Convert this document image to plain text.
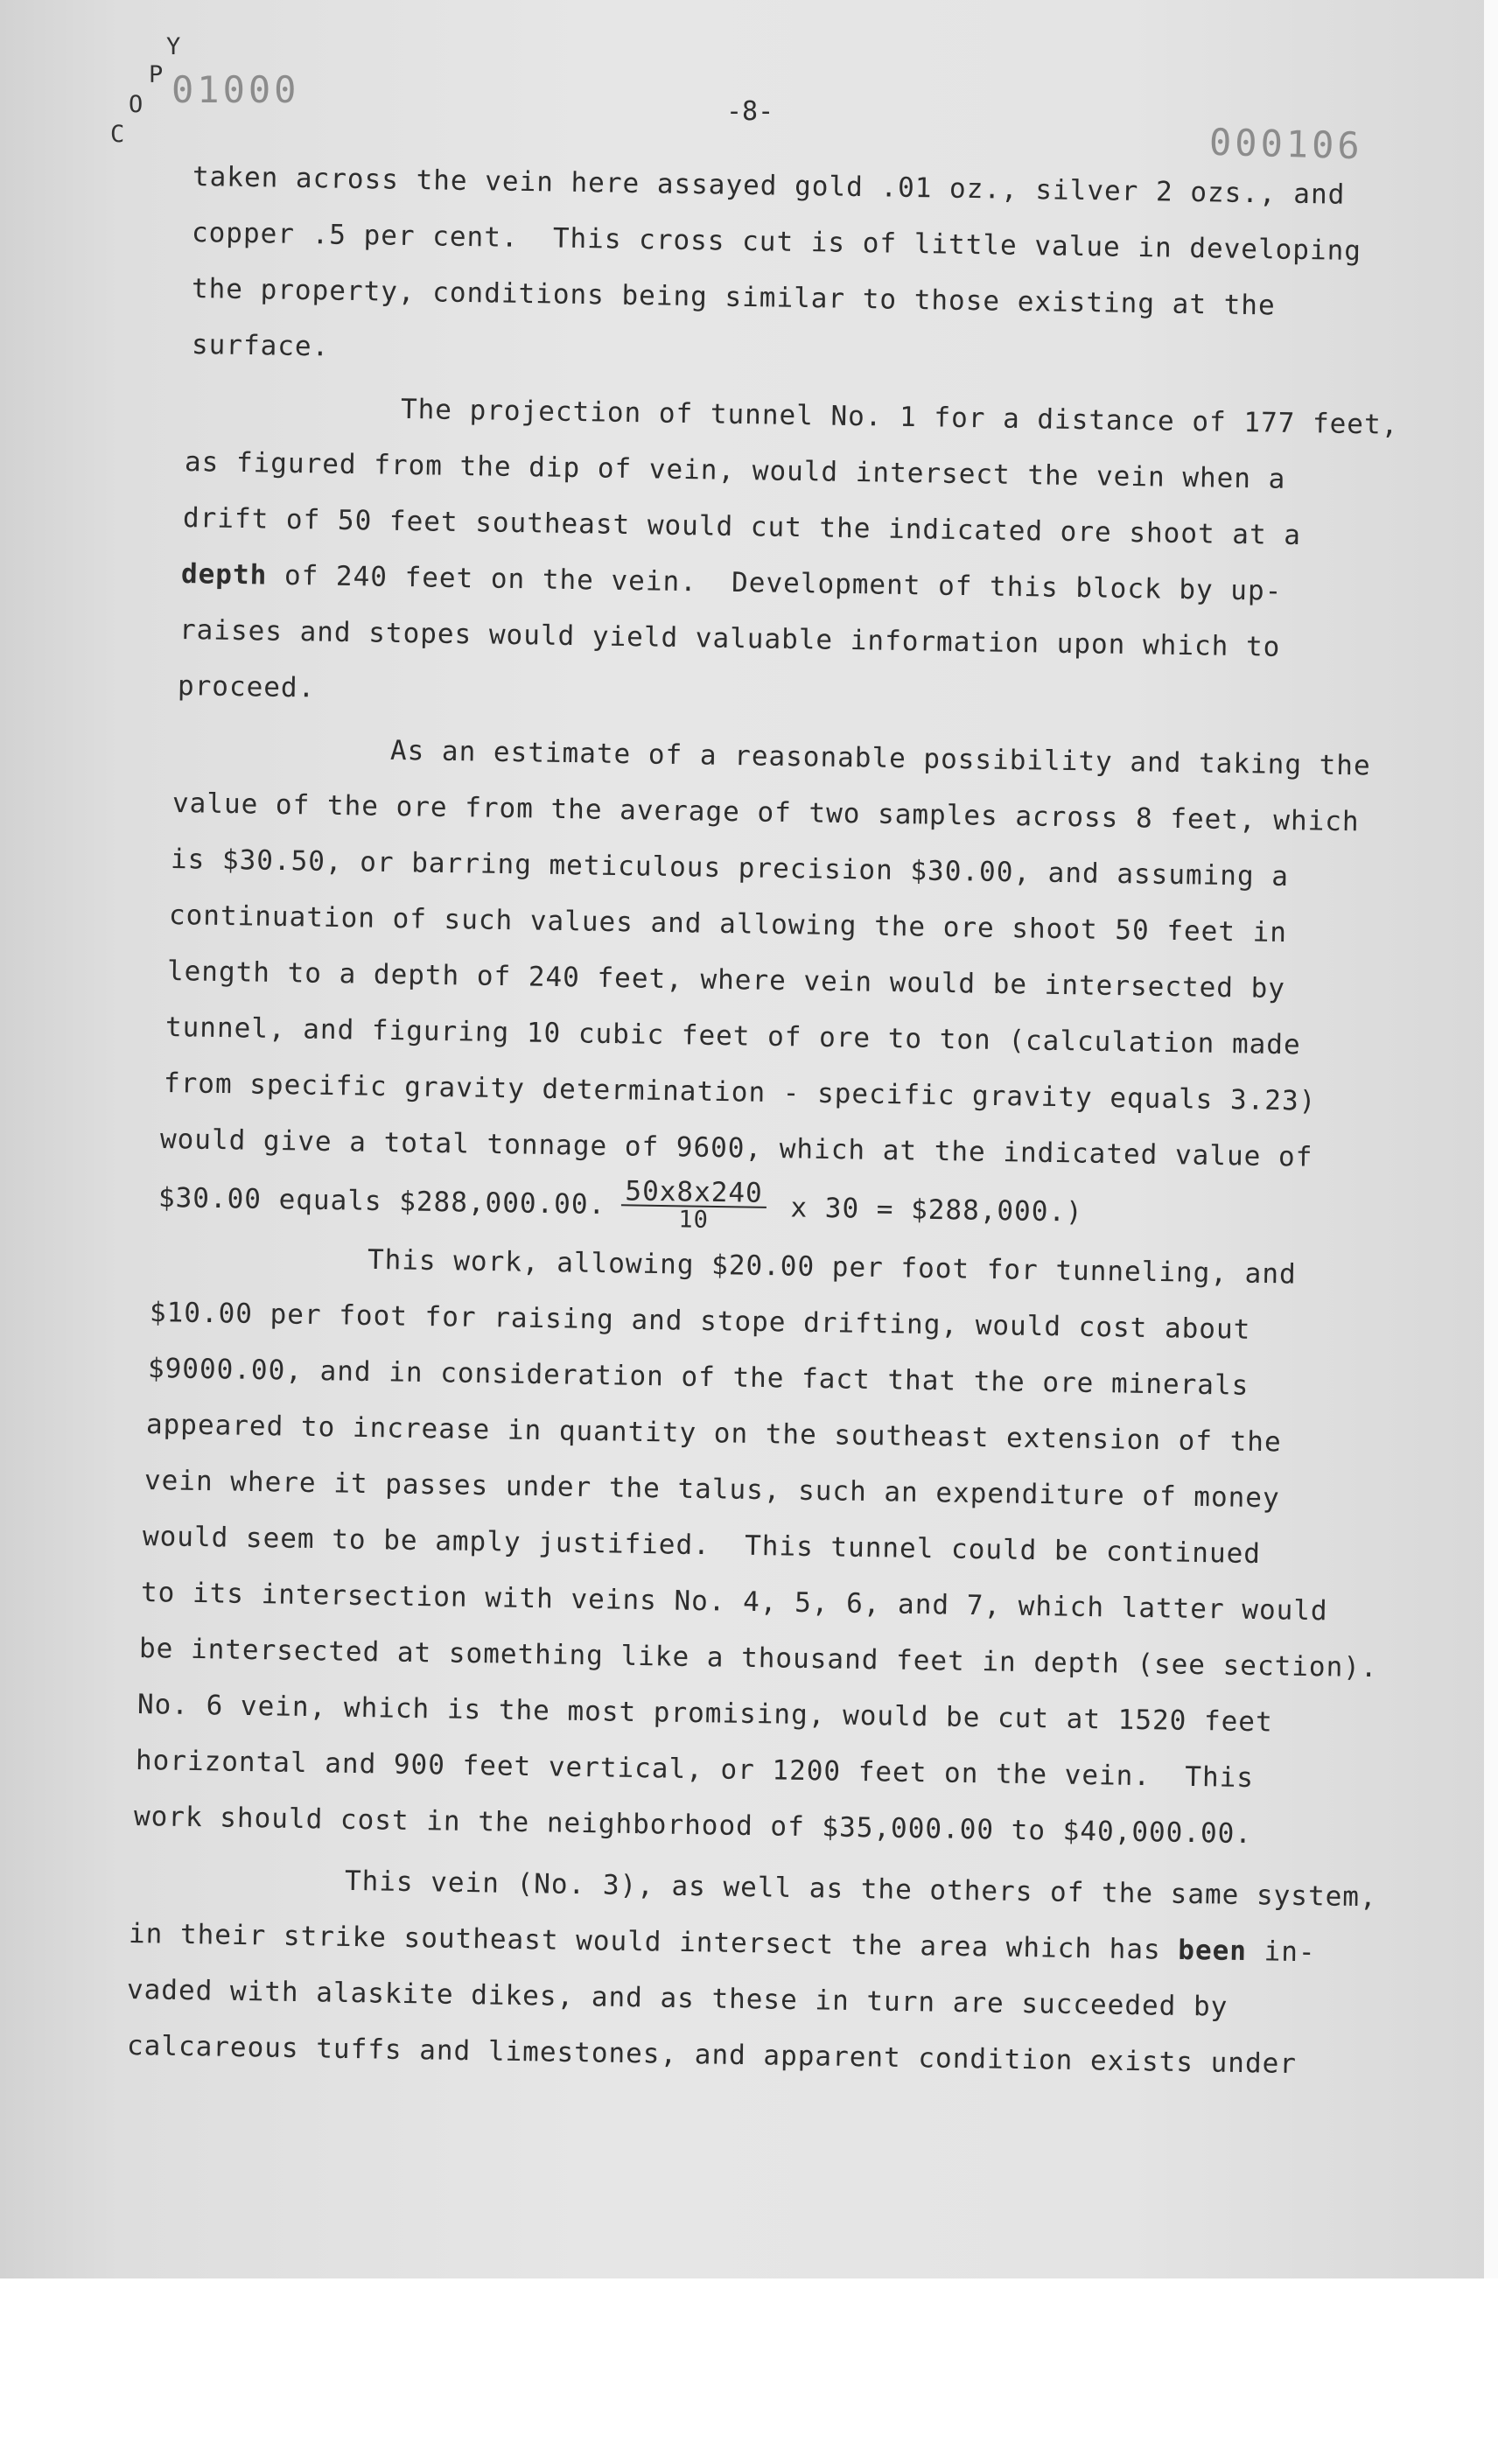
C
O
P
Y
01000
000106
-8-
taken across the vein here assayed gold .01 oz., silver 2 ozs., and
copper .5 per cent.  This cross cut is of little value in developing
the property, conditions being similar to those existing at the
surface.
The projection of tunnel No. 1 for a distance of 177 feet,
as figured from the dip of vein, would intersect the vein when a
drift of 50 feet southeast would cut the indicated ore shoot at a
depth of 240 feet on the vein.  Development of this block by up-
raises and stopes would yield valuable information upon which to
proceed.
As an estimate of a reasonable possibility and taking the
value of the ore from the average of two samples across 8 feet, which
is $30.50, or barring meticulous precision $30.00, and assuming a
continuation of such values and allowing the ore shoot 50 feet in
length to a depth of 240 feet, where vein would be intersected by
tunnel, and figuring 10 cubic feet of ore to ton (calculation made
from specific gravity determination - specific gravity equals 3.23)
would give a total tonnage of 9600, which at the indicated value of
$30.00 equals $288,000.00. $\frac{50x8x240}{10}$ x 30 = $288,000.)
This work, allowing $20.00 per foot for tunneling, and
$10.00 per foot for raising and stope drifting, would cost about
$9000.00, and in consideration of the fact that the ore minerals
appeared to increase in quantity on the southeast extension of the
vein where it passes under the talus, such an expenditure of money
would seem to be amply justified.  This tunnel could be continued
to its intersection with veins No. 4, 5, 6, and 7, which latter would
be intersected at something like a thousand feet in depth (see section).
No. 6 vein, which is the most promising, would be cut at 1520 feet
horizontal and 900 feet vertical, or 1200 feet on the vein.  This
work should cost in the neighborhood of $35,000.00 to $40,000.00.
This vein (No. 3), as well as the others of the same system,
in their strike southeast would intersect the area which has been in-
vaded with alaskite dikes, and as these in turn are succeeded by
calcareous tuffs and limestones, and apparent condition exists under
